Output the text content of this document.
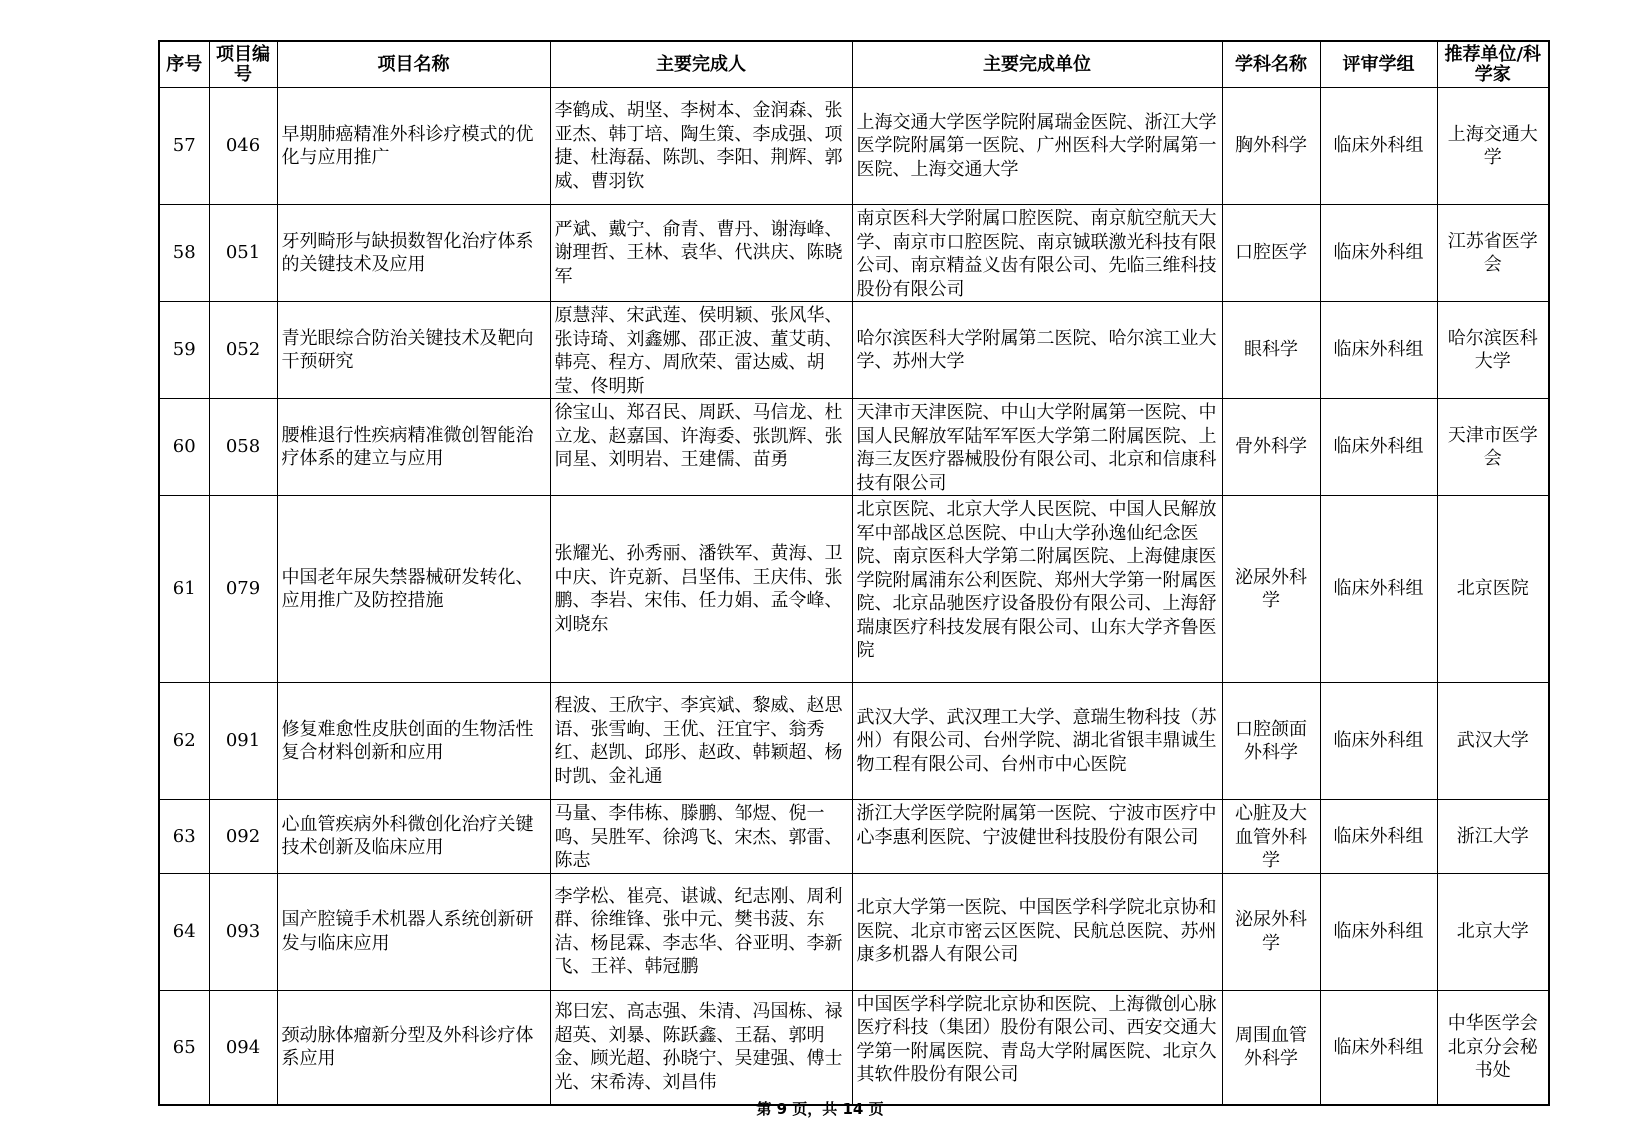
序号	项目编号	项目名称	主要完成人	主要完成单位	学科名称	评审学组	推荐单位/科学家
57	046	早期肺癌精准外科诊疗模式的优化与应用推广	李鹤成、胡坚、李树本、金润森、张亚杰、韩丁培、陶生策、李成强、项捷、杜海磊、陈凯、李阳、荆辉、郭威、曹羽钦	上海交通大学医学院附属瑞金医院、浙江大学医学院附属第一医院、广州医科大学附属第一医院、上海交通大学	胸外科学	临床外科组	上海交通大学
58	051	牙列畸形与缺损数智化治疗体系的关键技术及应用	严斌、戴宁、俞青、曹丹、谢海峰、谢理哲、王林、袁华、代洪庆、陈晓军	南京医科大学附属口腔医院、南京航空航天大学、南京市口腔医院、南京铖联激光科技有限公司、南京精益义齿有限公司、先临三维科技股份有限公司	口腔医学	临床外科组	江苏省医学会
59	052	青光眼综合防治关键技术及靶向干预研究	原慧萍、宋武莲、侯明颖、张风华、张诗琦、刘鑫娜、邵正波、董艾萌、韩亮、程方、周欣荣、雷达威、胡莹、佟明斯	哈尔滨医科大学附属第二医院、哈尔滨工业大学、苏州大学	眼科学	临床外科组	哈尔滨医科大学
60	058	腰椎退行性疾病精准微创智能治疗体系的建立与应用	徐宝山、郑召民、周跃、马信龙、杜立龙、赵嘉国、许海委、张凯辉、张同星、刘明岩、王建儒、苗勇	天津市天津医院、中山大学附属第一医院、中国人民解放军陆军军医大学第二附属医院、上海三友医疗器械股份有限公司、北京和信康科技有限公司	骨外科学	临床外科组	天津市医学会
61	079	中国老年尿失禁器械研发转化、应用推广及防控措施	张耀光、孙秀丽、潘铁军、黄海、卫中庆、许克新、吕坚伟、王庆伟、张鹏、李岩、宋伟、任力娟、孟令峰、刘晓东	北京医院、北京大学人民医院、中国人民解放军中部战区总医院、中山大学孙逸仙纪念医院、南京医科大学第二附属医院、上海健康医学院附属浦东公利医院、郑州大学第一附属医院、北京品驰医疗设备股份有限公司、上海舒瑞康医疗科技发展有限公司、山东大学齐鲁医院	泌尿外科学	临床外科组	北京医院
62	091	修复难愈性皮肤创面的生物活性复合材料创新和应用	程波、王欣宇、李宾斌、黎威、赵思语、张雪峋、王优、汪宜宇、翁秀红、赵凯、邱彤、赵政、韩颖超、杨时凯、金礼通	武汉大学、武汉理工大学、意瑞生物科技（苏州）有限公司、台州学院、湖北省银丰鼎诚生物工程有限公司、台州市中心医院	口腔颌面外科学	临床外科组	武汉大学
63	092	心血管疾病外科微创化治疗关键技术创新及临床应用	马量、李伟栋、滕鹏、邹煜、倪一鸣、吴胜军、徐鸿飞、宋杰、郭雷、陈志	浙江大学医学院附属第一医院、宁波市医疗中心李惠利医院、宁波健世科技股份有限公司	心脏及大血管外科学	临床外科组	浙江大学
64	093	国产腔镜手术机器人系统创新研发与临床应用	李学松、崔亮、谌诚、纪志刚、周利群、徐维锋、张中元、樊书菠、东洁、杨昆霖、李志华、谷亚明、李新飞、王祥、韩冠鹏	北京大学第一医院、中国医学科学院北京协和医院、北京市密云区医院、民航总医院、苏州康多机器人有限公司	泌尿外科学	临床外科组	北京大学
65	094	颈动脉体瘤新分型及外科诊疗体系应用	郑曰宏、高志强、朱清、冯国栋、禄超英、刘暴、陈跃鑫、王磊、郭明金、顾光超、孙晓宁、吴建强、傅士光、宋希涛、刘昌伟	中国医学科学院北京协和医院、上海微创心脉医疗科技（集团）股份有限公司、西安交通大学第一附属医院、青岛大学附属医院、北京久其软件股份有限公司	周围血管外科学	临床外科组	中华医学会北京分会秘书处
第 9 页，共 14 页
